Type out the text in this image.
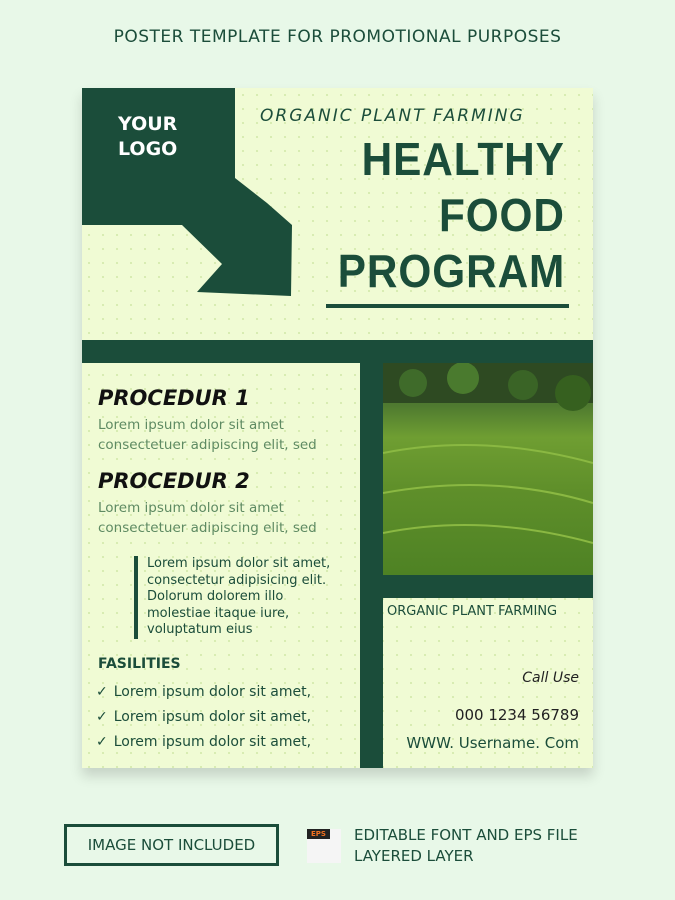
POSTER TEMPLATE FOR PROMOTIONAL PURPOSES
YOUR
LOGO
ORGANIC PLANT FARMING
HEALTHY
FOOD
PROGRAM
PROCEDUR 1
Lorem ipsum dolor sit amet
consectetuer adipiscing elit, sed
PROCEDUR 2
Lorem ipsum dolor sit amet
consectetuer adipiscing elit, sed
Lorem ipsum dolor sit amet,
consectetur adipisicing elit.
Dolorum dolorem illo
molestiae itaque iure,
voluptatum eius
FASILITIES
✓ Lorem ipsum dolor sit amet,
✓ Lorem ipsum dolor sit amet,
✓ Lorem ipsum dolor sit amet,
ORGANIC PLANT FARMING
Call Use
000 1234 56789
WWW. Username. Com
IMAGE NOT INCLUDED
EPS EDITABLE FONT AND EPS FILE
LAYERED LAYER
